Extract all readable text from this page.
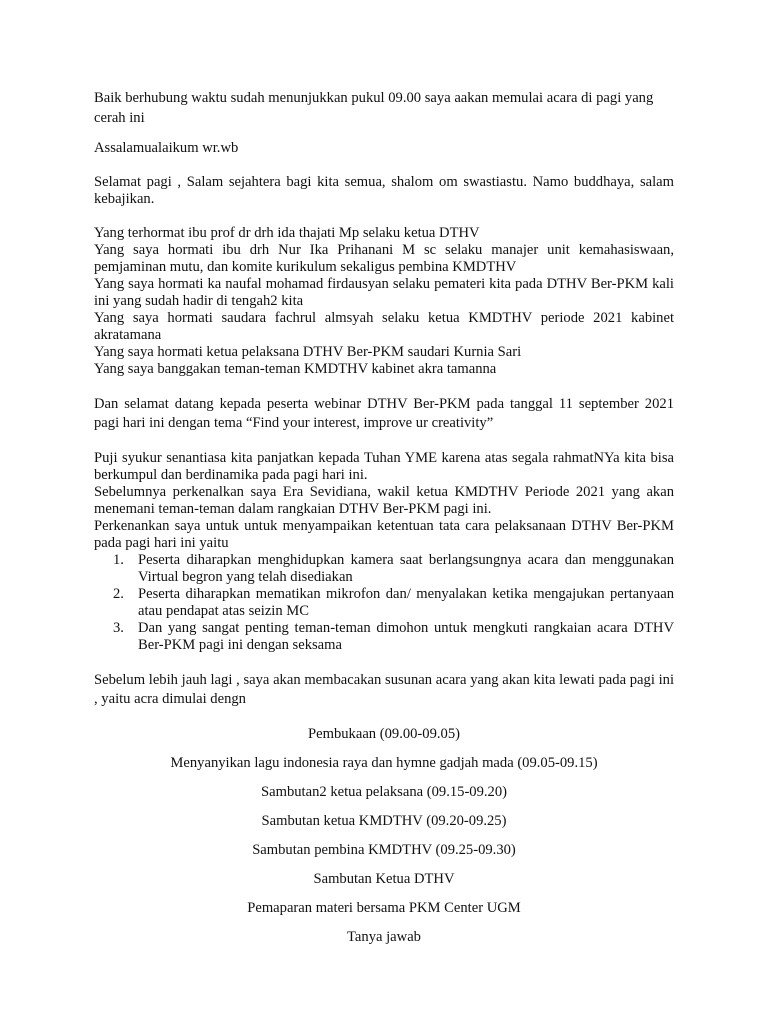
Baik berhubung waktu sudah menunjukkan pukul 09.00 saya aakan memulai acara di pagi yang cerah ini

Assalamualaikum wr.wb

Selamat pagi , Salam sejahtera bagi kita semua, shalom om swastiastu. Namo buddhaya, salam kebajikan.

Yang terhormat ibu prof dr drh ida thajati Mp selaku ketua DTHV

Yang saya hormati ibu drh Nur Ika Prihanani M sc selaku manajer unit kemahasiswaan, pemjaminan mutu, dan komite kurikulum sekaligus pembina KMDTHV

Yang saya hormati ka naufal mohamad firdausyan selaku pemateri kita pada DTHV Ber-PKM kali ini yang sudah hadir di tengah2 kita

Yang saya hormati saudara fachrul almsyah selaku ketua KMDTHV periode 2021 kabinet akratamana

Yang saya hormati ketua pelaksana DTHV Ber-PKM saudari Kurnia Sari

Yang saya banggakan teman-teman KMDTHV kabinet akra tamanna

Dan selamat datang kepada peserta webinar DTHV Ber-PKM pada tanggal 11 september 2021 pagi hari ini dengan tema “Find your interest, improve ur creativity”

Puji syukur senantiasa kita panjatkan kepada Tuhan YME karena atas segala rahmatNYa kita bisa berkumpul dan berdinamika pada pagi hari ini.

Sebelumnya perkenalkan saya Era Sevidiana, wakil ketua KMDTHV Periode 2021 yang akan menemani teman-teman dalam rangkaian DTHV Ber-PKM pagi ini.

Perkenankan saya untuk untuk menyampaikan ketentuan tata cara pelaksanaan DTHV Ber-PKM pada pagi hari ini yaitu

1. Peserta diharapkan menghidupkan kamera saat berlangsungnya acara dan menggunakan Virtual begron yang telah disediakan
2. Peserta diharapkan mematikan mikrofon dan/ menyalakan ketika mengajukan pertanyaan atau pendapat atas seizin MC
3. Dan yang sangat penting teman-teman dimohon untuk mengkuti rangkaian acara DTHV Ber-PKM pagi ini dengan seksama

Sebelum lebih jauh lagi , saya akan membacakan susunan acara yang akan kita lewati pada pagi ini , yaitu acra dimulai dengn

Pembukaan (09.00-09.05)

Menyanyikan lagu indonesia raya dan hymne gadjah mada (09.05-09.15)

Sambutan2 ketua pelaksana (09.15-09.20)

Sambutan ketua KMDTHV (09.20-09.25)

Sambutan pembina KMDTHV (09.25-09.30)

Sambutan Ketua DTHV

Pemaparan materi bersama PKM Center UGM

Tanya jawab
